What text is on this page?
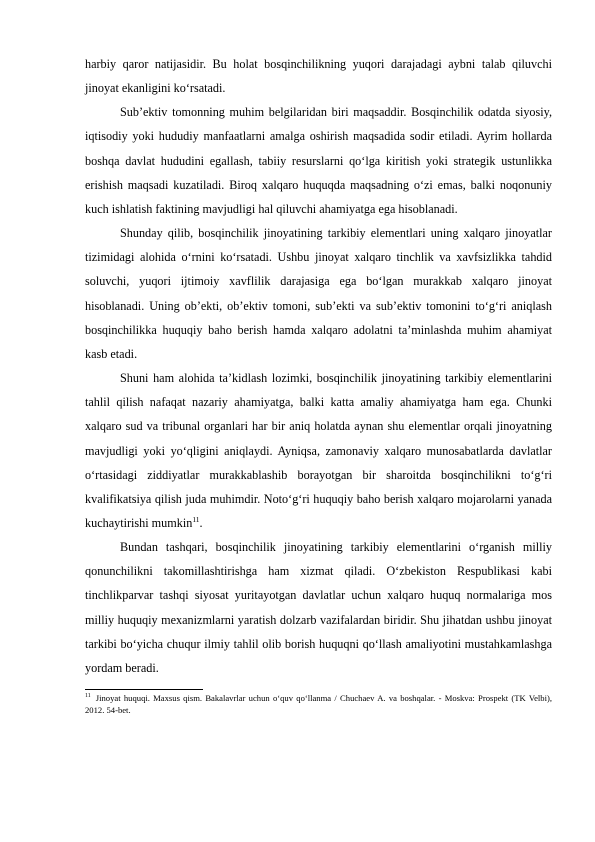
harbiy qaror natijasidir. Bu holat bosqinchilikning yuqori darajadagi aybni talab qiluvchi jinoyat ekanligini ko‘rsatadi.

Sub’ektiv tomonning muhim belgilaridan biri maqsaddir. Bosqinchilik odatda siyosiy, iqtisodiy yoki hududiy manfaatlarni amalga oshirish maqsadida sodir etiladi. Ayrim hollarda boshqa davlat hududini egallash, tabiiy resurslarni qo‘lga kiritish yoki strategik ustunlikka erishish maqsadi kuzatiladi. Biroq xalqaro huquqda maqsadning o‘zi emas, balki noqonuniy kuch ishlatish faktining mavjudligi hal qiluvchi ahamiyatga ega hisoblanadi.

Shunday qilib, bosqinchilik jinoyatining tarkibiy elementlari uning xalqaro jinoyatlar tizimidagi alohida o‘rnini ko‘rsatadi. Ushbu jinoyat xalqaro tinchlik va xavfsizlikka tahdid soluvchi, yuqori ijtimoiy xavflilik darajasiga ega bo‘lgan murakkab xalqaro jinoyat hisoblanadi. Uning ob’ekti, ob’ektiv tomoni, sub’ekti va sub’ektiv tomonini to‘g‘ri aniqlash bosqinchilikka huquqiy baho berish hamda xalqaro adolatni ta’minlashda muhim ahamiyat kasb etadi.

Shuni ham alohida ta’kidlash lozimki, bosqinchilik jinoyatining tarkibiy elementlarini tahlil qilish nafaqat nazariy ahamiyatga, balki katta amaliy ahamiyatga ham ega. Chunki xalqaro sud va tribunal organlari har bir aniq holatda aynan shu elementlar orqali jinoyatning mavjudligi yoki yo‘qligini aniqlaydi. Ayniqsa, zamonaviy xalqaro munosabatlarda davlatlar o‘rtasidagi ziddiyatlar murakkablashib borayotgan bir sharoitda bosqinchilikni to‘g‘ri kvalifikatsiya qilish juda muhimdir. Noto‘g‘ri huquqiy baho berish xalqaro mojarolarni yanada kuchaytirishi mumkin$^{11}$.

Bundan tashqari, bosqinchilik jinoyatining tarkibiy elementlarini o‘rganish milliy qonunchilikni takomillashtirishga ham xizmat qiladi. O‘zbekiston Respublikasi kabi tinchlikparvar tashqi siyosat yuritayotgan davlatlar uchun xalqaro huquq normalariga mos milliy huquqiy mexanizmlarni yaratish dolzarb vazifalardan biridir. Shu jihatdan ushbu jinoyat tarkibi bo‘yicha chuqur ilmiy tahlil olib borish huquqni qo‘llash amaliyotini mustahkamlashga yordam beradi.

$^{11}$ Jinoyat huquqi. Maxsus qism. Bakalavrlar uchun o‘quv qo‘llanma / Chuchaev A. va boshqalar. - Moskva: Prospekt (TK Velbi), 2012. 54-bet.
